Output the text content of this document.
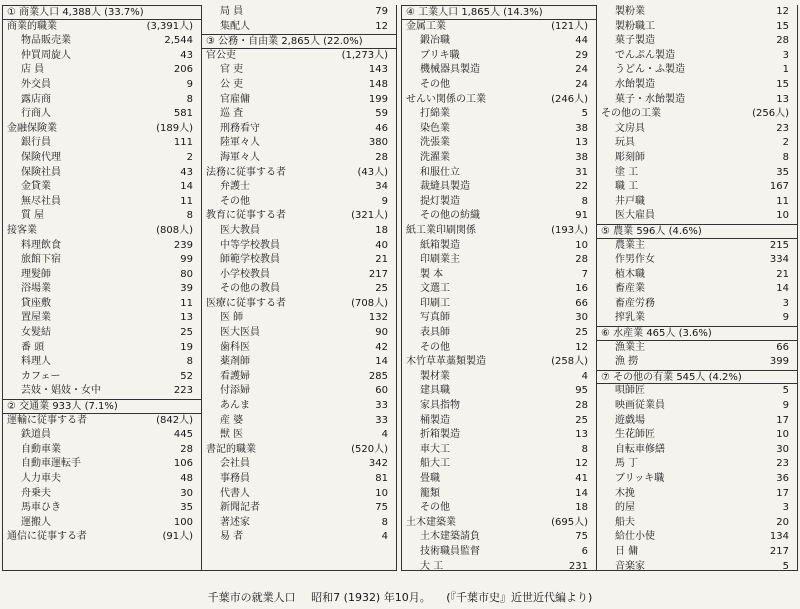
① 商業人口 4,388人 (33.7%)
商業的職業	(3,391人)
物品販売業	2,544
仲買周旋人	43
店 員	206
外交員	9
露店商	8
行商人	581
金融保険業	(189人)
銀行員	111
保険代理	2
保険社員	43
金貸業	14
無尽社員	11
質 屋	8
接客業	(808人)
料理飲食	239
旅館下宿	99
理髪師	80
浴場業	39
貸座敷	11
置屋業	13
女髪結	25
番 頭	19
料理人	8
カフェー	52
芸妓・娼妓・女中	223
② 交通業 933人 (7.1%)
運輸に従事する者	(842人)
鉄道員	445
自動車業	28
自動車運転手	106
人力車夫	48
舟乗夫	30
馬車ひき	35
運搬人	100
通信に従事する者	(91人)
局 員	79
集配人	12
③ 公務・自由業 2,865人 (22.0%)
官公吏	(1,273人)
官 吏	143
公 吏	148
官雇傭	199
巡 査	59
刑務看守	46
陸軍々人	380
海軍々人	28
法務に従事する者	(43人)
弁護士	34
その他	9
教育に従事する者	(321人)
医大教員	18
中等学校教員	40
師範学校教員	21
小学校教員	217
その他の教員	25
医療に従事する者	(708人)
医 師	132
医大医員	90
歯科医	42
薬剤師	14
看護婦	285
付添婦	60
あんま	33
産 婆	33
獣 医	4
書記的職業	(520人)
会社員	342
事務員	81
代書人	10
新聞記者	75
著述家	8
易 者	4
④ 工業人口 1,865人 (14.3%)
金属工業	(121人)
鍛冶職	44
ブリキ職	29
機械器具製造	24
その他	24
せんい関係の工業	(246人)
打綿業	5
染色業	38
洗張業	13
洗濯業	38
和服仕立	31
裁縫具製造	22
提灯製造	8
その他の紡織	91
紙工業印刷関係	(193人)
紙箱製造	10
印刷業主	28
製 本	7
文選工	16
印刷工	66
写真師	30
表具師	25
その他	12
木竹草革藁類製造	(258人)
製材業	4
建具職	95
家具指物	28
桶製造	25
折箱製造	13
車大工	8
船大工	12
畳職	41
籠類	14
その他	18
土木建築業	(695人)
土木建築請負	75
技術職員監督	6
大 工	231
製粉業	12
製粉職工	15
菓子製造	28
でんぷん製造	3
うどん・ふ製造	1
水飴製造	15
菓子・水飴製造	13
その他の工業	(256人)
文房具	23
玩具	2
彫刻師	8
塗 工	35
職 工	167
井戸職	11
医大雇員	10
⑤ 農業 596人 (4.6%)
農業主	215
作男作女	334
植木職	21
畜産業	14
畜産労務	3
搾乳業	9
⑥ 水産業 465人 (3.6%)
漁業主	66
漁 撈	399
⑦ その他の有業 545人 (4.2%)
唄師匠	5
映画従業員	9
遊戯場	17
生花師匠	10
自転車修繕	30
馬 丁	23
ブリッキ職	36
木挽	17
的屋	3
船夫	20
給仕小使	134
日 傭	217
音楽家	5
千葉市の就業人口 昭和7 (1932) 年10月。 (『千葉市史』近世近代編より)
